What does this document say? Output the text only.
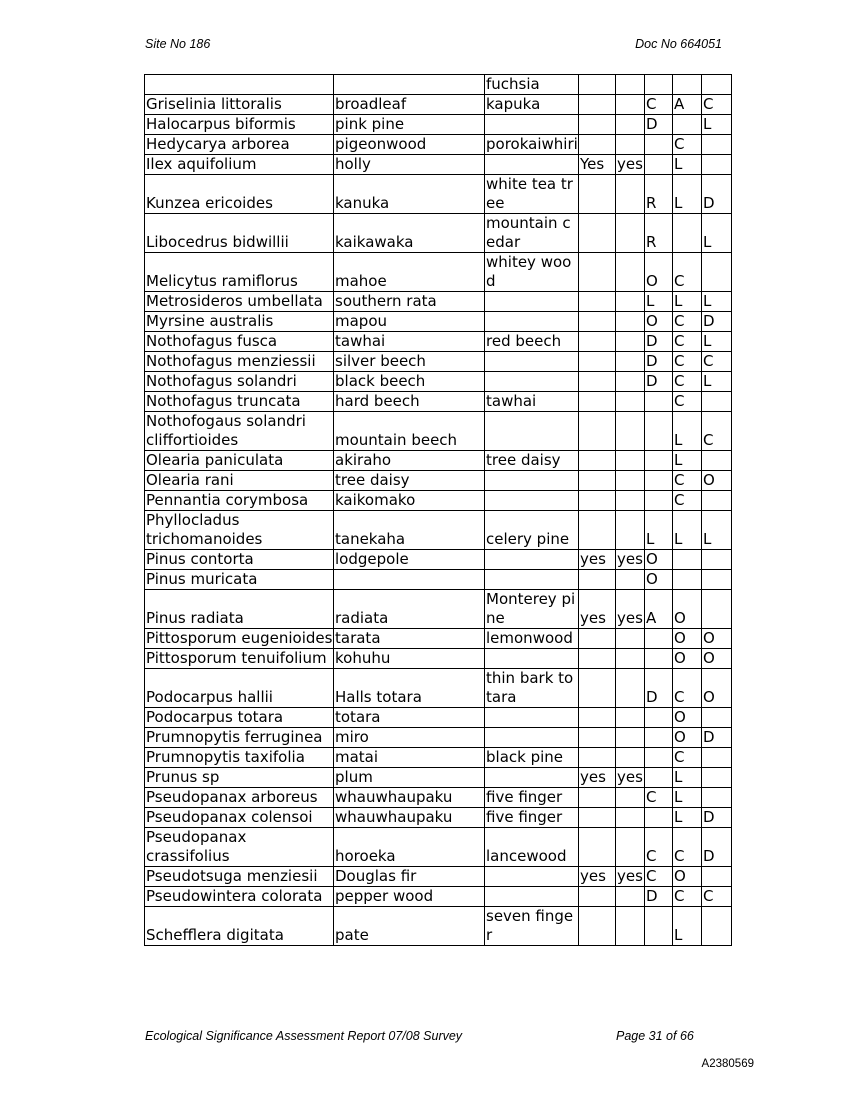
Site No 186	Doc No 664051
		fuchsia					
Griselinia littoralis	broadleaf	kapuka			C	A	C
Halocarpus biformis	pink pine				D		L
Hedycarya arborea	pigeonwood	porokaiwhiri				C	
Ilex aquifolium	holly		Yes	yes		L	
Kunzea ericoides	kanuka	white tea tree			R	L	D
Libocedrus bidwillii	kaikawaka	mountain cedar			R		L
Melicytus ramiflorus	mahoe	whitey wood			O	C	
Metrosideros umbellata	southern rata				L	L	L
Myrsine australis	mapou				O	C	D
Nothofagus fusca	tawhai	red beech			D	C	L
Nothofagus menziessii	silver beech				D	C	C
Nothofagus solandri	black beech				D	C	L
Nothofagus truncata	hard beech	tawhai				C	
Nothofogaus solandri cliffortioides	mountain beech					L	C
Olearia paniculata	akiraho	tree daisy				L	
Olearia rani	tree daisy					C	O
Pennantia corymbosa	kaikomako					C	
Phyllocladus trichomanoides	tanekaha	celery pine			L	L	L
Pinus contorta	lodgepole		yes	yes	O		
Pinus muricata					O		
Pinus radiata	radiata	Monterey pine	yes	yes	A	O	
Pittosporum eugenioides	tarata	lemonwood				O	O
Pittosporum tenuifolium	kohuhu					O	O
Podocarpus hallii	Halls totara	thin bark totara			D	C	O
Podocarpus totara	totara					O	
Prumnopytis ferruginea	miro					O	D
Prumnopytis taxifolia	matai	black pine				C	
Prunus sp	plum		yes	yes		L	
Pseudopanax arboreus	whauwhaupaku	five finger			C	L	
Pseudopanax colensoi	whauwhaupaku	five finger				L	D
Pseudopanax crassifolius	horoeka	lancewood			C	C	D
Pseudotsuga menziesii	Douglas fir		yes	yes	C	O	
Pseudowintera colorata	pepper wood				D	C	C
Schefflera digitata	pate	seven finger				L	
Ecological Significance Assessment Report 07/08 Survey	Page 31 of 66
A2380569
